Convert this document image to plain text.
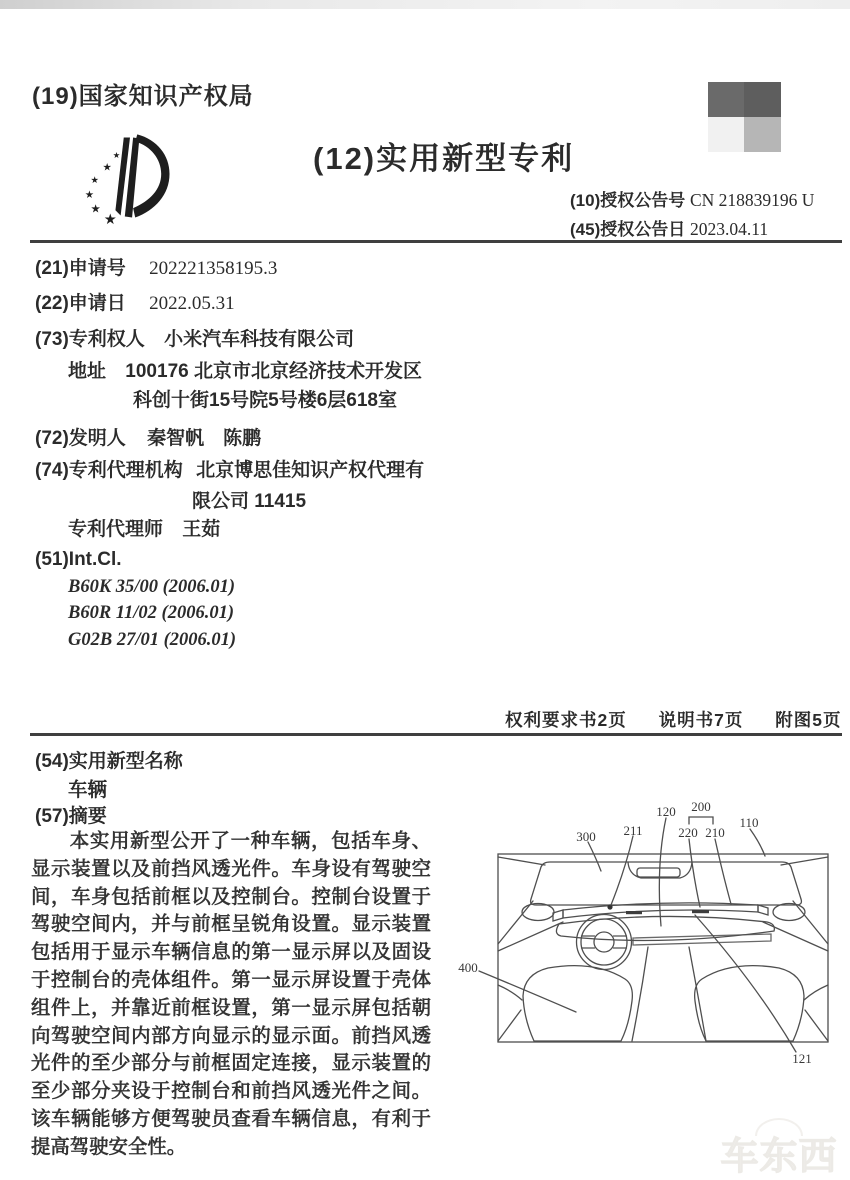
(19)国家知识产权局
★
★
★
★
★
★
(12)实用新型专利
(10)授权公告号 CN 218839196 U
(45)授权公告日 2023.04.11
(21)申请号 202221358195.3
(22)申请日 2022.05.31
(73)专利权人 小米汽车科技有限公司
地址 100176 北京市北京经济技术开发区
科创十街15号院5号楼6层618室
(72)发明人 秦智帆　陈鹏
(74)专利代理机构 北京博思佳知识产权代理有
限公司 11415
专利代理师 王茹
(51)Int.Cl.
B60K 35/00 (2006.01)
B60R 11/02 (2006.01)
G02B 27/01 (2006.01)
权利要求书2页 说明书7页 附图5页
(54)实用新型名称
车辆
(57)摘要
本实用新型公开了一种车辆，包括车身、显示装置以及前挡风透光件。车身设有驾驶空间，车身包括前框以及控制台。控制台设置于驾驶空间内，并与前框呈锐角设置。显示装置包括用于显示车辆信息的第一显示屏以及固设于控制台的壳体组件。第一显示屏设置于壳体组件上，并靠近前框设置，第一显示屏包括朝向驾驶空间内部方向显示的显示面。前挡风透光件的至少部分与前框固定连接，显示装置的至少部分夹设于控制台和前挡风透光件之间。该车辆能够方便驾驶员查看车辆信息，有利于提高驾驶安全性。
300 211
120 200
220 210
110
400
121
车东西
